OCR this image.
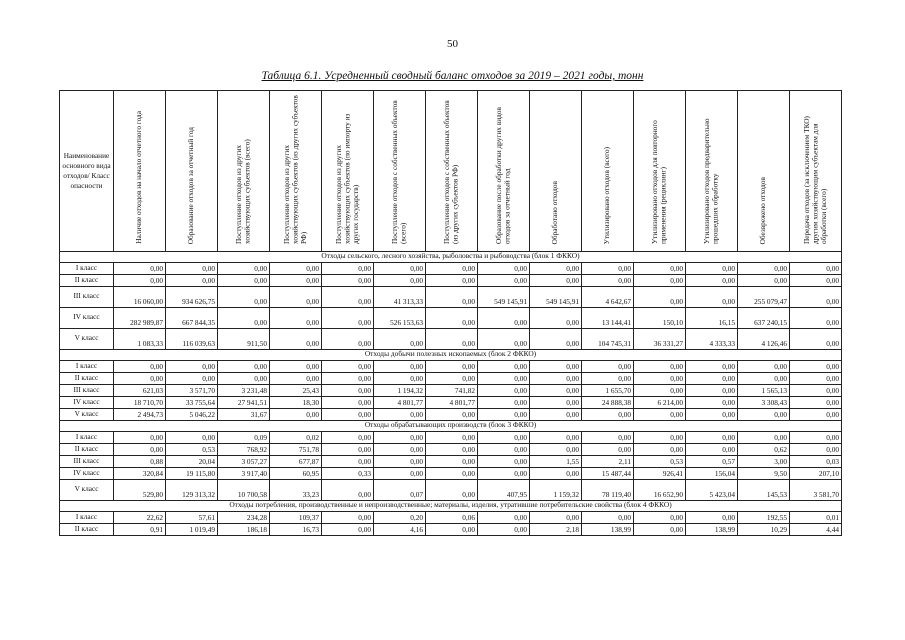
50
Таблица 6.1. Усредненный сводный баланс отходов за 2019 – 2021 годы, тонн
Наименование основного вида отходов/ Класс опасности	Наличие отходов на начало отчетного года	Образование отходов за отчетный год	Поступление отходов из других хозяйствующих субъектов (всего)	Поступление отходов из других хозяйствующих субъектов (из других субъектов РФ)	Поступление отходов из других хозяйствующих субъектов (по импорту из других государств)	Поступление отходов с собственных объектов (всего)	Поступление отходов с собственных объектов (из других субъектов РФ)	Образование после обработки других видов отходов за отчетный год	Обработано отходов	Утилизировано отходов (всего)	Утилизировано отходов для повторного применения (рециклинг)	Утилизировано отходов предварительно прошедших обработку	Обезврежено отходов	Передача отходов (за исключением ТКО) другим хозяйствующим субъектам для обработки (всего)
Отходы сельского, лесного хозяйства, рыболовства и рыбоводства (блок 1 ФККО)														
I класс	0,00	0,00	0,00	0,00	0,00	0,00	0,00	0,00	0,00	0,00	0,00	0,00	0,00	0,00
II класс	0,00	0,00	0,00	0,00	0,00	0,00	0,00	0,00	0,00	0,00	0,00	0,00	0,00	0,00
III класс	16 060,00	934 626,75	0,00	0,00	0,00	41 313,33	0,00	549 145,91	549 145,91	4 642,67	0,00	0,00	255 079,47	0,00
IV класс	282 989,87	667 844,35	0,00	0,00	0,00	526 153,63	0,00	0,00	0,00	13 144,41	150,10	16,15	637 240,15	0,00
V класс	1 083,33	116 039,63	911,50	0,00	0,00	0,00	0,00	0,00	0,00	104 745,31	36 331,27	4 333,33	4 126,46	0,00
Отходы добычи полезных ископаемых (блок 2 ФККО)														
I класс	0,00	0,00	0,00	0,00	0,00	0,00	0,00	0,00	0,00	0,00	0,00	0,00	0,00	0,00
II класс	0,00	0,00	0,00	0,00	0,00	0,00	0,00	0,00	0,00	0,00	0,00	0,00	0,00	0,00
III класс	621,03	3 571,70	3 231,48	25,43	0,00	1 194,32	741,82	0,00	0,00	1 655,70	0,00	0,00	1 565,13	0,00
IV класс	18 710,70	33 755,64	27 941,51	18,30	0,00	4 801,77	4 801,77	0,00	0,00	24 888,38	6 214,00	0,00	3 308,43	0,00
V класс	2 494,73	5 046,22	31,67	0,00	0,00	0,00	0,00	0,00	0,00	0,00	0,00	0,00	0,00	0,00
Отходы обрабатывающих производств (блок 3 ФККО)														
I класс	0,00	0,00	0,09	0,02	0,00	0,00	0,00	0,00	0,00	0,00	0,00	0,00	0,00	0,00
II класс	0,00	0,53	768,92	751,78	0,00	0,00	0,00	0,00	0,00	0,00	0,00	0,00	0,62	0,00
III класс	0,88	20,04	3 057,27	677,87	0,00	0,00	0,00	0,00	1,55	2,11	0,53	0,57	3,00	0,03
IV класс	320,84	19 115,80	3 917,40	60,95	0,33	0,00	0,00	0,00	0,00	15 487,44	926,41	156,04	9,50	207,10
V класс	529,80	129 313,32	10 700,58	33,23	0,00	0,07	0,00	407,95	1 159,32	78 119,40	16 652,90	5 423,04	145,53	3 581,70
Отходы потребления, производственные и непроизводственные; материалы, изделия, утратившие потребительские свойства (блок 4 ФККО)														
I класс	22,62	57,61	234,28	109,37	0,00	0,20	0,06	0,00	0,00	0,00	0,00	0,00	192,55	0,01
II класс	0,91	1 019,49	186,18	16,73	0,00	4,16	0,00	0,00	2,18	138,99	0,00	138,99	10,29	4,44
